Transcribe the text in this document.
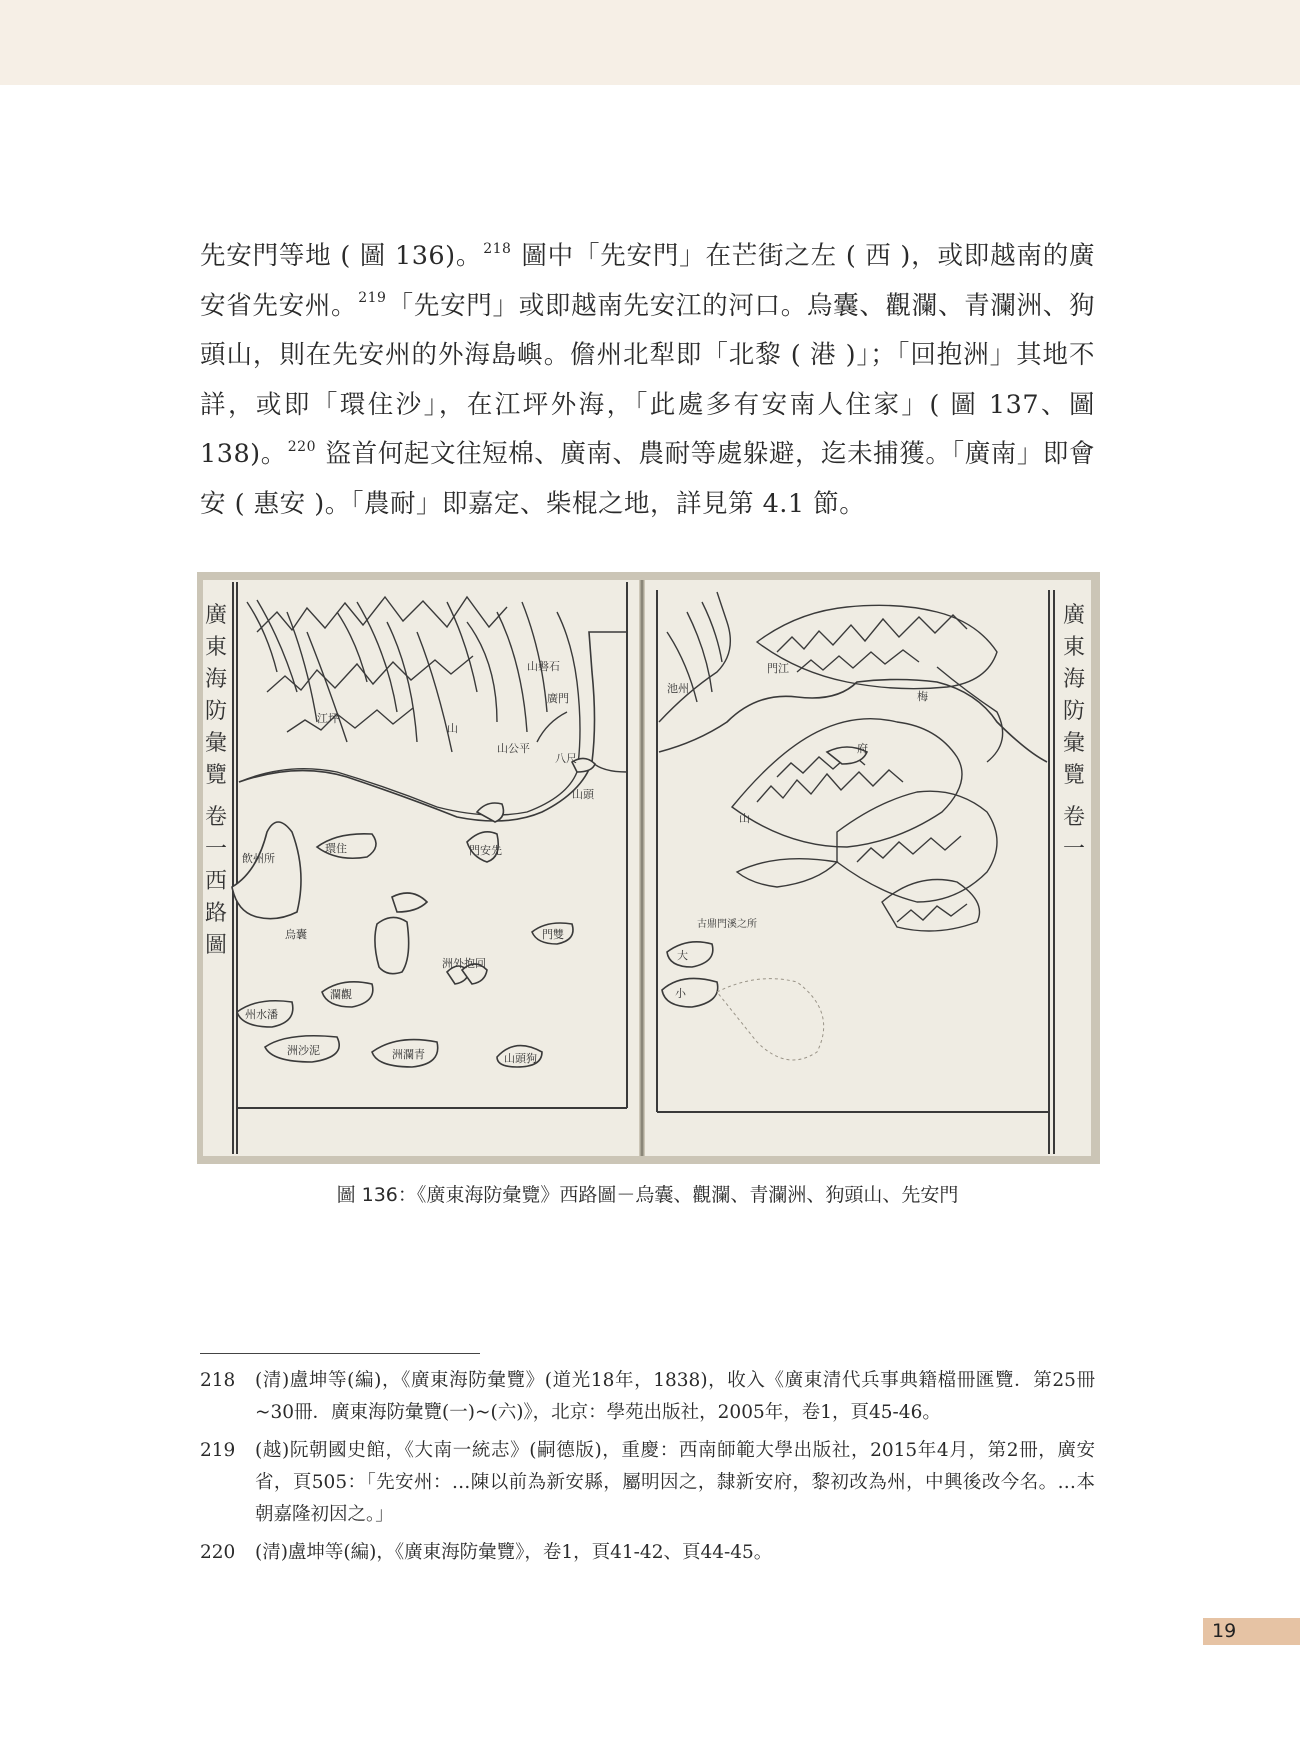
先安門等地 ( 圖 136)。$^{218}$ 圖中「先安門」在芒街之左 ( 西 )，或即越南的廣安省先安州。$^{219}$「先安門」或即越南先安江的河口。烏囊、觀瀾、青瀾洲、狗頭山，則在先安州的外海島嶼。儋州北犁即「北黎 ( 港 )」；「回抱洲」其地不詳，或即「環住沙」，在江坪外海，「此處多有安南人住家」( 圖 137、圖 138)。$^{220}$ 盜首何起文往短棉、廣南、農耐等處躲避，迄未捕獲。「廣南」即會安 ( 惠安 )。「農耐」即嘉定、柴棍之地，詳見第 4.1 節。

廣
東
海
防
彙
覽
卷
一
西
路
圖
廣
東
海
防
彙
覽
卷
一
山磐石
廣門
山公平
江坪
八尺
山頭
山
門安先
環住
飲州所
洲外抱回
烏囊	門雙
州水潘
瀾觀
洲沙泥	洲瀾青	山頭狗
梅
門江
池州
府
山
古鼎門溪之所
大
小
圖 136：《廣東海防彙覽》西路圖－烏囊、觀瀾、青瀾洲、狗頭山、先安門
218	(清)盧坤等(編)，《廣東海防彙覽》(道光18年，1838)，收入《廣東清代兵事典籍檔冊匯覽．第25冊~30冊．廣東海防彙覽(一)~(六)》，北京：學苑出版社，2005年，卷1，頁45-46。
219	(越)阮朝國史館，《大南一統志》(嗣德版)，重慶：西南師範大學出版社，2015年4月，第2冊，廣安省，頁505：「先安州：…陳以前為新安縣，屬明因之，隸新安府，黎初改為州，中興後改今名。…本朝嘉隆初因之。」
220	(清)盧坤等(編)，《廣東海防彙覽》，卷1，頁41-42、頁44-45。
19
